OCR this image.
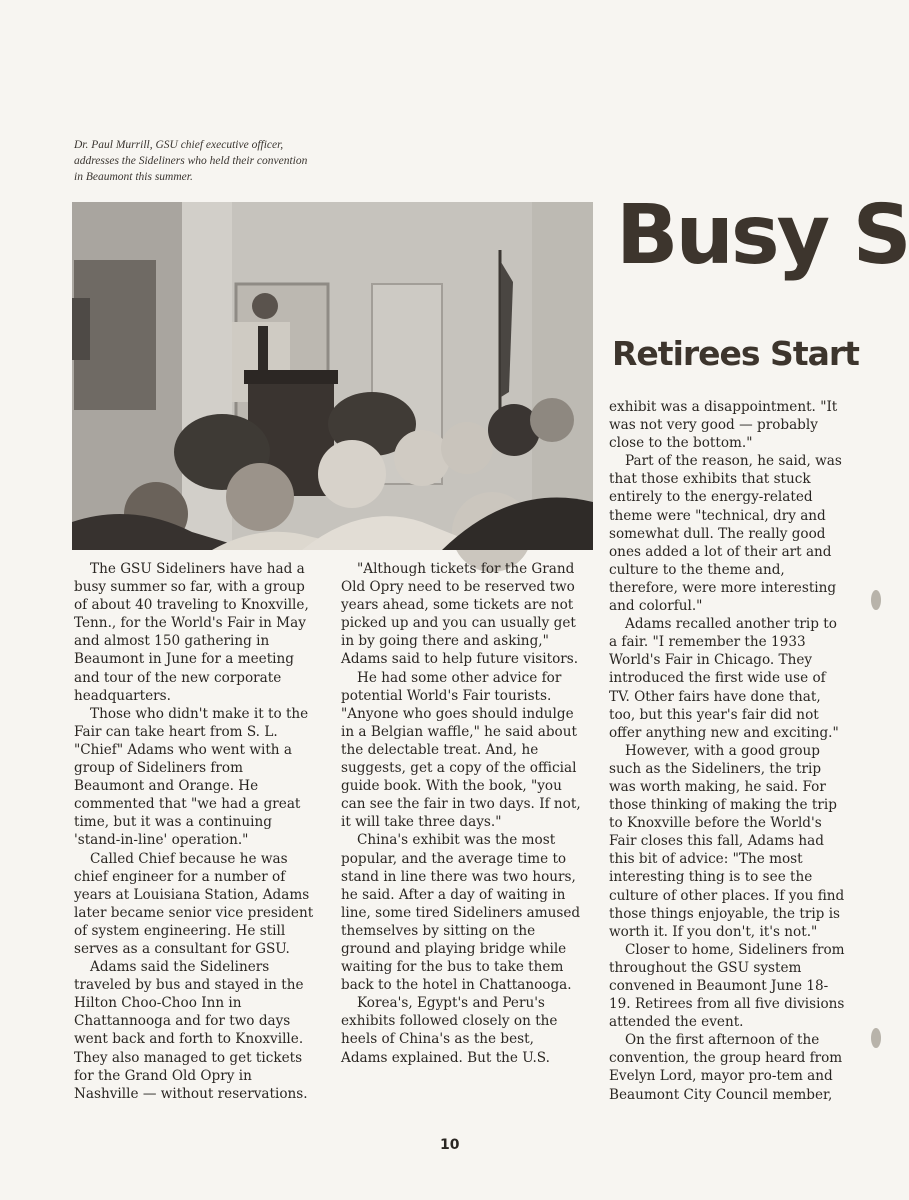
Dr. Paul Murrill, GSU chief executive officer, addresses the Sideliners who held their convention in Beaumont this summer.
Busy S
Retirees Start

The GSU Sideliners have had a busy summer so far, with a group of about 40 traveling to Knoxville, Tenn., for the World's Fair in May and almost 150 gathering in Beaumont in June for a meeting and tour of the new corporate headquarters.

Those who didn't make it to the Fair can take heart from S. L. "Chief" Adams who went with a group of Sideliners from Beaumont and Orange. He commented that "we had a great time, but it was a continuing 'stand-in-line' operation."

Called Chief because he was chief engineer for a number of years at Louisiana Station, Adams later became senior vice president of system engineering. He still serves as a consultant for GSU.

Adams said the Sideliners traveled by bus and stayed in the Hilton Choo-Choo Inn in Chattannooga and for two days went back and forth to Knoxville. They also managed to get tickets for the Grand Old Opry in Nashville — without reservations.

"Although tickets for the Grand Old Opry need to be reserved two years ahead, some tickets are not picked up and you can usually get in by going there and asking," Adams said to help future visitors.

He had some other advice for potential World's Fair tourists. "Anyone who goes should indulge in a Belgian waffle," he said about the delectable treat. And, he suggests, get a copy of the official guide book. With the book, "you can see the fair in two days. If not, it will take three days."

China's exhibit was the most popular, and the average time to stand in line there was two hours, he said. After a day of waiting in line, some tired Sideliners amused themselves by sitting on the ground and playing bridge while waiting for the bus to take them back to the hotel in Chattanooga.

Korea's, Egypt's and Peru's exhibits followed closely on the heels of China's as the best, Adams explained. But the U.S.

exhibit was a disappointment. "It was not very good — probably close to the bottom."

Part of the reason, he said, was that those exhibits that stuck entirely to the energy-related theme were "technical, dry and somewhat dull. The really good ones added a lot of their art and culture to the theme and, therefore, were more interesting and colorful."

Adams recalled another trip to a fair. "I remember the 1933 World's Fair in Chicago. They introduced the first wide use of TV. Other fairs have done that, too, but this year's fair did not offer anything new and exciting."

However, with a good group such as the Sideliners, the trip was worth making, he said. For those thinking of making the trip to Knoxville before the World's Fair closes this fall, Adams had this bit of advice: "The most interesting thing is to see the culture of other places. If you find those things enjoyable, the trip is worth it. If you don't, it's not."

Closer to home, Sideliners from throughout the GSU system convened in Beaumont June 18-19. Retirees from all five divisions attended the event.

On the first afternoon of the convention, the group heard from Evelyn Lord, mayor pro-tem and Beaumont City Council member,

10
